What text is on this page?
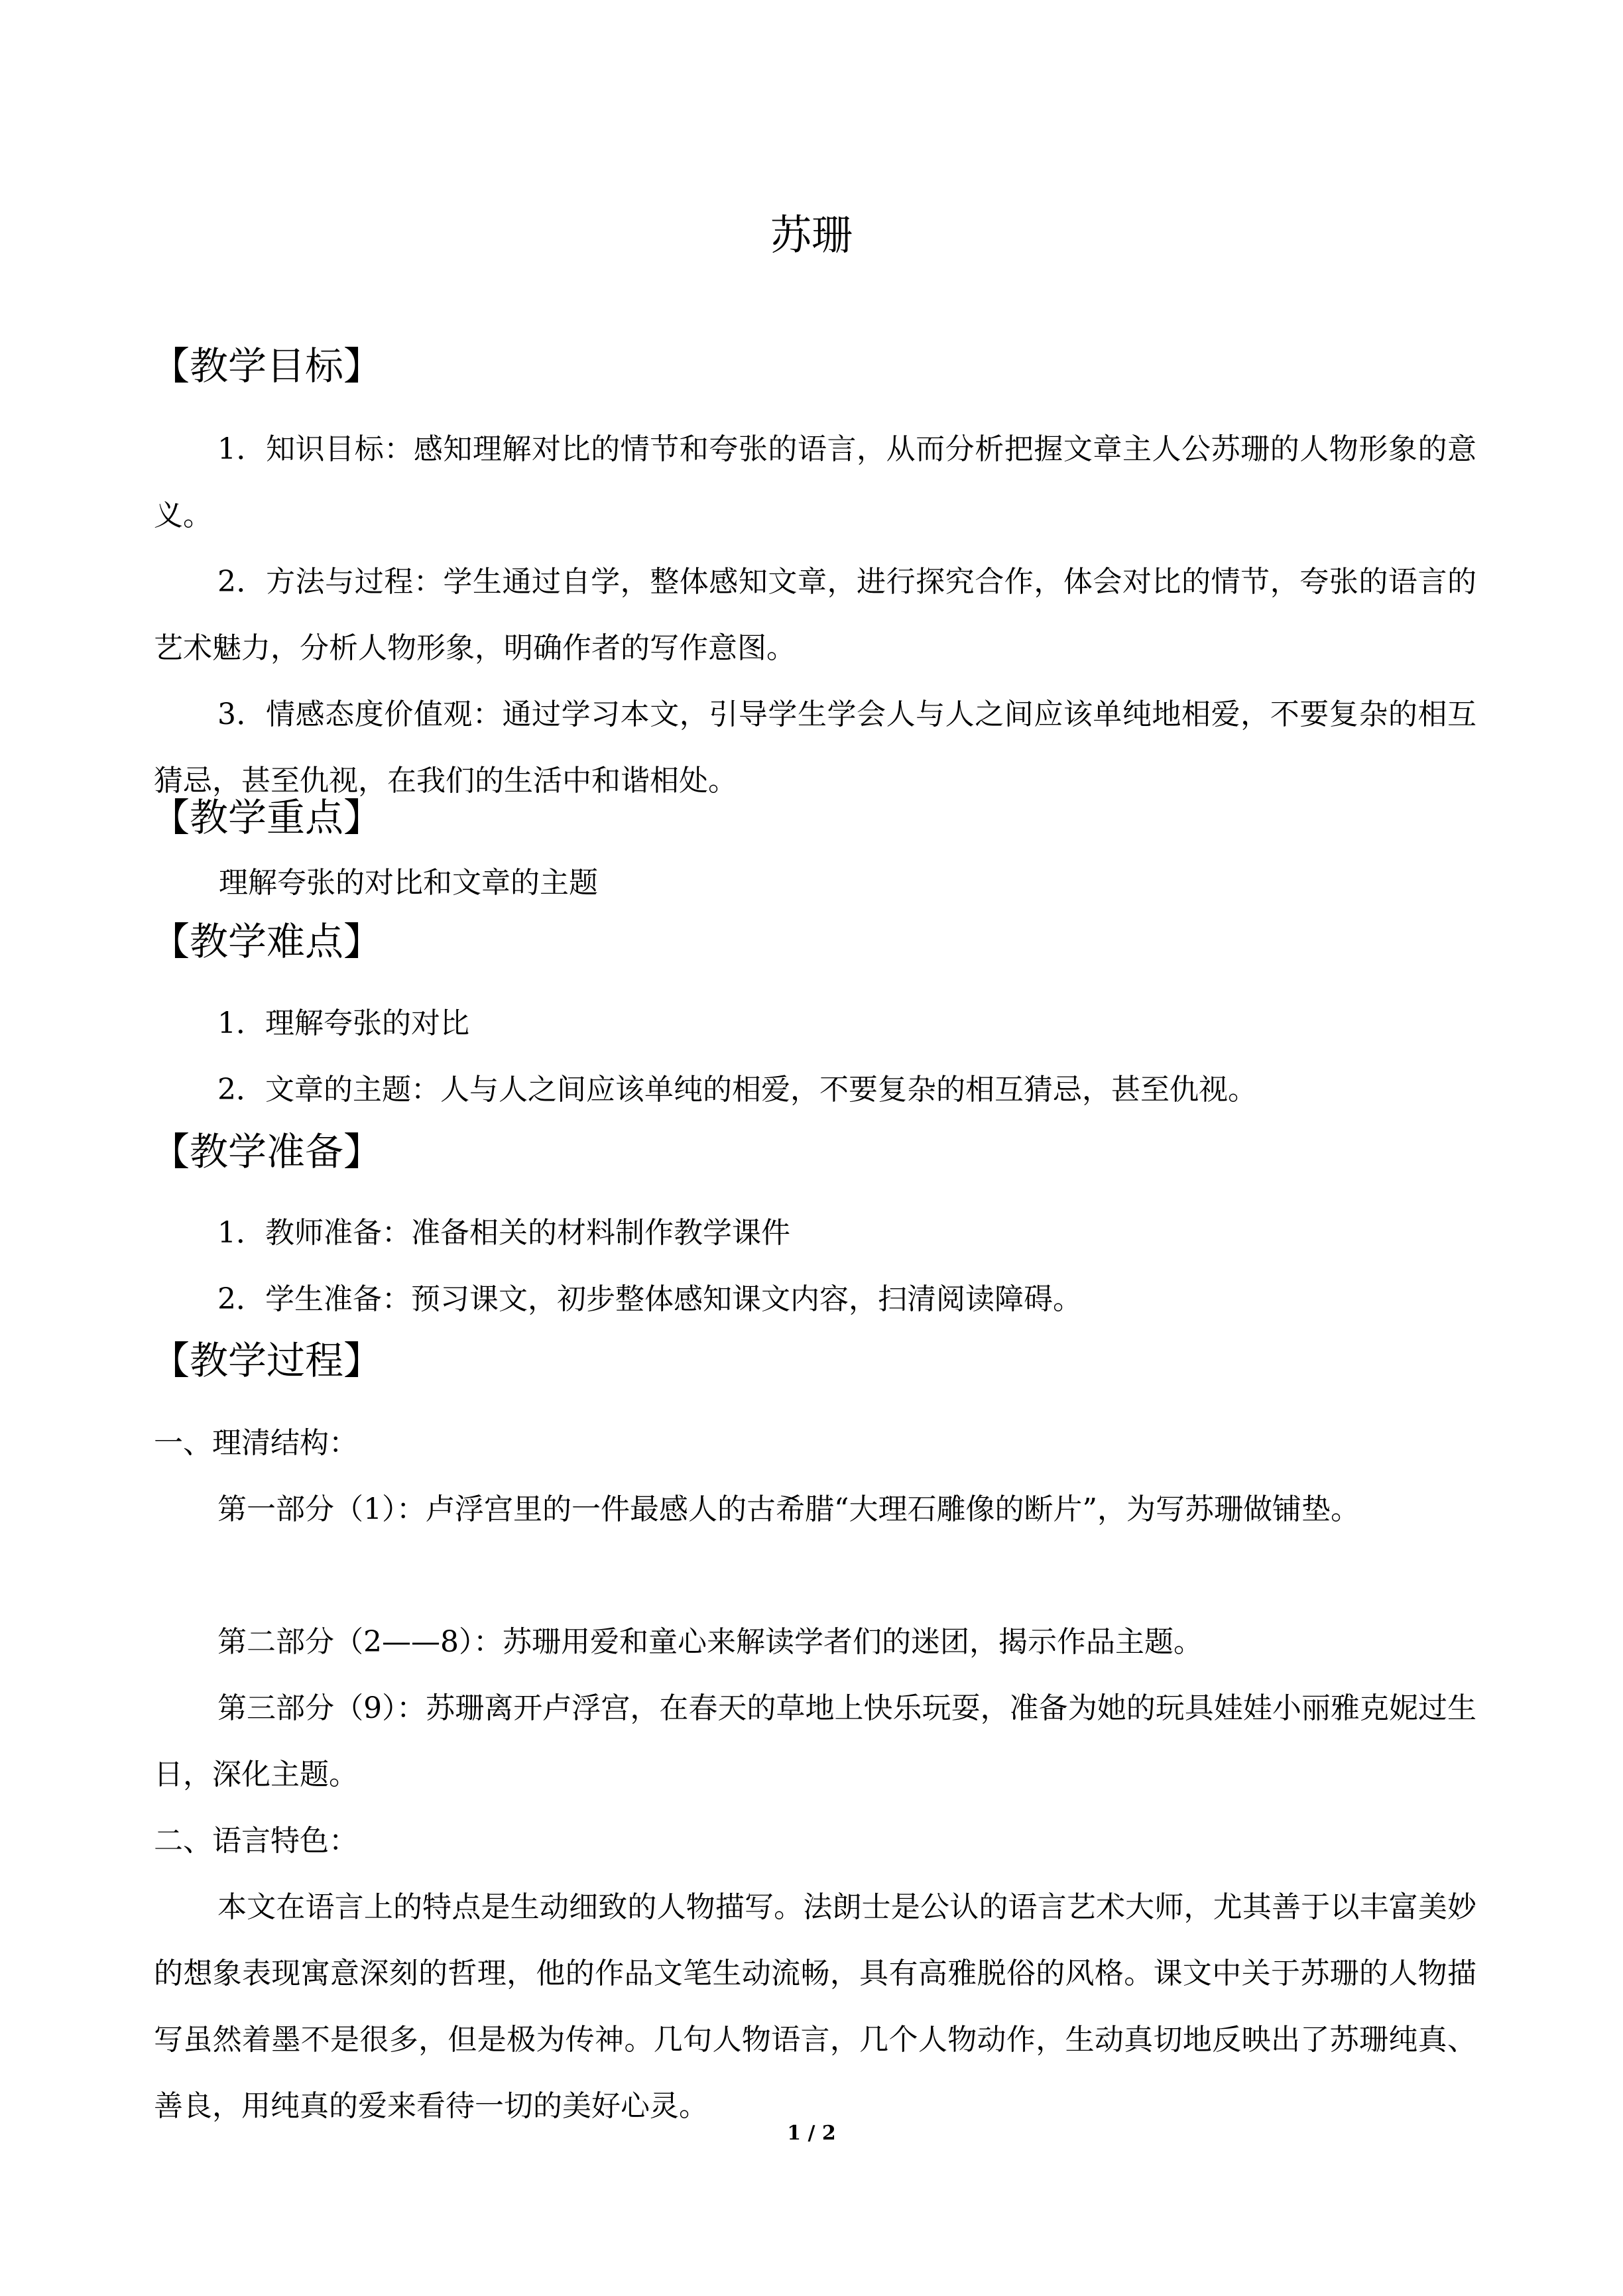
苏珊
【教学目标】

1．知识目标：感知理解对比的情节和夸张的语言，从而分析把握文章主人公苏珊的人物形象的意义。

2．方法与过程：学生通过自学，整体感知文章，进行探究合作，体会对比的情节，夸张的语言的艺术魅力，分析人物形象，明确作者的写作意图。

3．情感态度价值观：通过学习本文，引导学生学会人与人之间应该单纯地相爱，不要复杂的相互猜忌，甚至仇视，在我们的生活中和谐相处。

【教学重点】

理解夸张的对比和文章的主题

【教学难点】

1．理解夸张的对比

2．文章的主题：人与人之间应该单纯的相爱，不要复杂的相互猜忌，甚至仇视。

【教学准备】

1．教师准备：准备相关的材料制作教学课件

2．学生准备：预习课文，初步整体感知课文内容，扫清阅读障碍。

【教学过程】

一、理清结构：

第一部分（1）：卢浮宫里的一件最感人的古希腊“大理石雕像的断片”，为写苏珊做铺垫。

第二部分（2——8）：苏珊用爱和童心来解读学者们的迷团，揭示作品主题。

第三部分（9）：苏珊离开卢浮宫，在春天的草地上快乐玩耍，准备为她的玩具娃娃小丽雅克妮过生日，深化主题。

二、语言特色：

本文在语言上的特点是生动细致的人物描写。法朗士是公认的语言艺术大师，尤其善于以丰富美妙的想象表现寓意深刻的哲理，他的作品文笔生动流畅，具有高雅脱俗的风格。课文中关于苏珊的人物描写虽然着墨不是很多，但是极为传神。几句人物语言，几个人物动作，生动真切地反映出了苏珊纯真、善良，用纯真的爱来看待一切的美好心灵。

1 / 2
